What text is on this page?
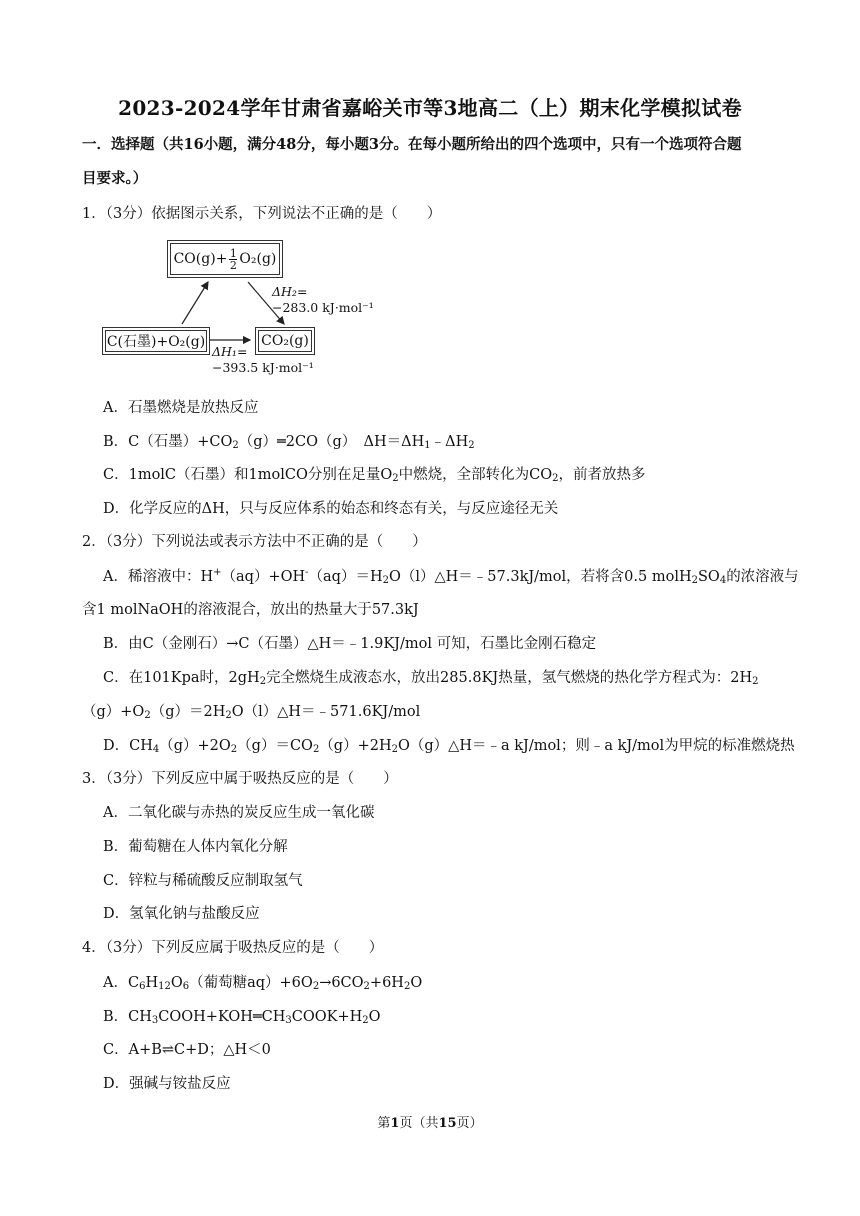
2023-2024学年甘肃省嘉峪关市等3地高二（上）期末化学模拟试卷
一．选择题（共16小题，满分48分，每小题3分。在每小题所给出的四个选项中，只有一个选项符合题
目要求。）
1．（3分）依据图示关系，下列说法不正确的是（　　）
$CO(g)+ \frac{1}{2} O_2(g)$
C(石墨)+O₂(g)	CO₂(g)
ΔH₂=
−283.0 kJ·mol⁻¹
ΔH₁=
−393.5 kJ·mol⁻¹
A．石墨燃烧是放热反应
B．C（石墨）$+CO_2(g)═2CO(g)$　$\Delta H=\Delta H_1﹣\Delta H_2$
C．1molC（石墨）和1molCO分别在足量$O_2$中燃烧，全部转化为$CO_2$，前者放热多
D．化学反应的ΔH，只与反应体系的始态和终态有关，与反应途径无关
2．（3分）下列说法或表示方法中不正确的是（　　）
A．稀溶液中：$H^+(aq)+OH^-(aq)=H_2O(l)\triangle H=﹣57.3kJ$/mol，若将含0.5 $molH_2SO_4$的浓溶液与
含1 molNaOH的溶液混合，放出的热量大于57.3kJ
B．由C（金刚石）→C（石墨）△H＝﹣1.9KJ/mol 可知，石墨比金刚石稳定
C．在101Kpa时，$2gH_2$完全燃烧生成液态水，放出285.8KJ热量，氢气燃烧的热化学方程式为：$2H_2$
$(g)+O_2(g)=2H_2O(l)\triangle H=﹣571.6KJ$/mol
D．$CH_4(g)+2O_2(g)=CO_2(g)+2H_2O(g)\triangle H=﹣a$ kJ/mol；则﹣a kJ/mol为甲烷的标准燃烧热
3．（3分）下列反应中属于吸热反应的是（　　）
A．二氧化碳与赤热的炭反应生成一氧化碳
B．葡萄糖在人体内氧化分解
C．锌粒与稀硫酸反应制取氢气
D．氢氧化钠与盐酸反应
4．（3分）下列反应属于吸热反应的是（　　）
A．$C_6H_{12}O_6$（葡萄糖$aq)+6O_2\to 6CO_2+6H_2O$
B．$CH_3COOH+KOH═CH_3COOK+H_2O$
C．A+B⇌C+D；△H＜0
D．强碱与铵盐反应
第1页（共15页）
